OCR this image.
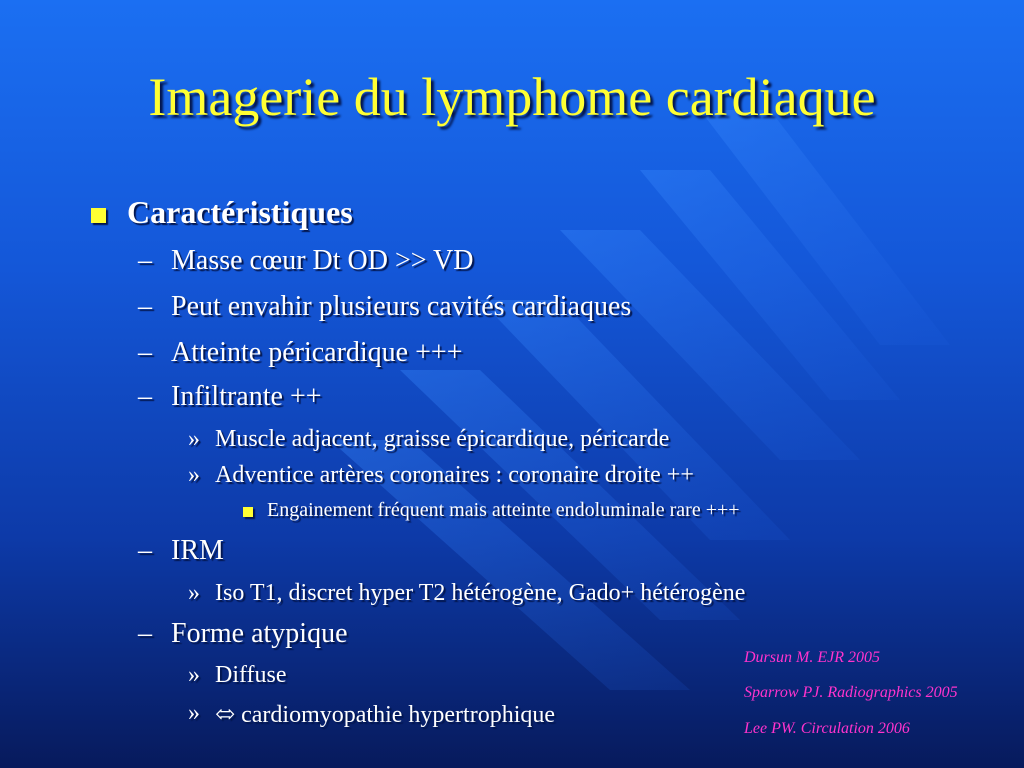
Imagerie du lymphome cardiaque
Caractéristiques
– Masse cœur Dt OD >> VD
– Peut envahir plusieurs cavités cardiaques
– Atteinte péricardique +++
– Infiltrante ++
» Muscle adjacent, graisse épicardique, péricarde
» Adventice artères coronaires : coronaire droite ++
Engainement fréquent mais atteinte endoluminale rare +++
– IRM
» Iso T1, discret hyper T2 hétérogène, Gado+ hétérogène
– Forme atypique
» Diffuse
» ⬄ cardiomyopathie hypertrophique
Dursun M. EJR 2005
Sparrow PJ. Radiographics 2005
Lee PW. Circulation 2006
